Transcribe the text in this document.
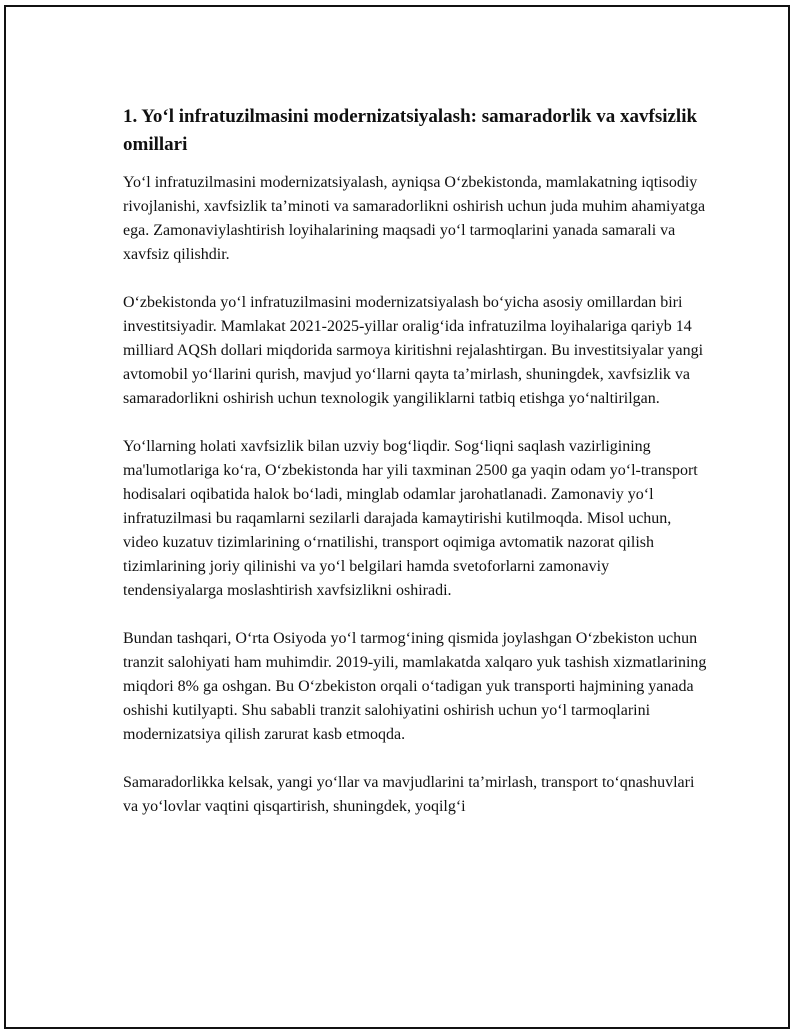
1. Yo‘l infratuzilmasini modernizatsiyalash: samaradorlik va xavfsizlik omillari

Yo‘l infratuzilmasini modernizatsiyalash, ayniqsa O‘zbekistonda, mamlakatning iqtisodiy rivojlanishi, xavfsizlik ta’minoti va samaradorlikni oshirish uchun juda muhim ahamiyatga ega. Zamonaviylashtirish loyihalarining maqsadi yo‘l tarmoqlarini yanada samarali va xavfsiz qilishdir.

O‘zbekistonda yo‘l infratuzilmasini modernizatsiyalash bo‘yicha asosiy omillardan biri investitsiyadir. Mamlakat 2021-2025-yillar oralig‘ida infratuzilma loyihalariga qariyb 14 milliard AQSh dollari miqdorida sarmoya kiritishni rejalashtirgan. Bu investitsiyalar yangi avtomobil yo‘llarini qurish, mavjud yo‘llarni qayta ta’mirlash, shuningdek, xavfsizlik va samaradorlikni oshirish uchun texnologik yangiliklarni tatbiq etishga yo‘naltirilgan.

Yo‘llarning holati xavfsizlik bilan uzviy bog‘liqdir. Sog‘liqni saqlash vazirligining ma'lumotlariga ko‘ra, O‘zbekistonda har yili taxminan 2500 ga yaqin odam yo‘l-transport hodisalari oqibatida halok bo‘ladi, minglab odamlar jarohatlanadi. Zamonaviy yo‘l infratuzilmasi bu raqamlarni sezilarli darajada kamaytirishi kutilmoqda. Misol uchun, video kuzatuv tizimlarining o‘rnatilishi, transport oqimiga avtomatik nazorat qilish tizimlarining joriy qilinishi va yo‘l belgilari hamda svetoforlarni zamonaviy tendensiyalarga moslashtirish xavfsizlikni oshiradi.

Bundan tashqari, O‘rta Osiyoda yo‘l tarmog‘ining qismida joylashgan O‘zbekiston uchun tranzit salohiyati ham muhimdir. 2019-yili, mamlakatda xalqaro yuk tashish xizmatlarining miqdori 8% ga oshgan. Bu O‘zbekiston orqali o‘tadigan yuk transporti hajmining yanada oshishi kutilyapti. Shu sababli tranzit salohiyatini oshirish uchun yo‘l tarmoqlarini modernizatsiya qilish zarurat kasb etmoqda.

Samaradorlikka kelsak, yangi yo‘llar va mavjudlarini ta’mirlash, transport to‘qnashuvlari va yo‘lovlar vaqtini qisqartirish, shuningdek, yoqilg‘i
